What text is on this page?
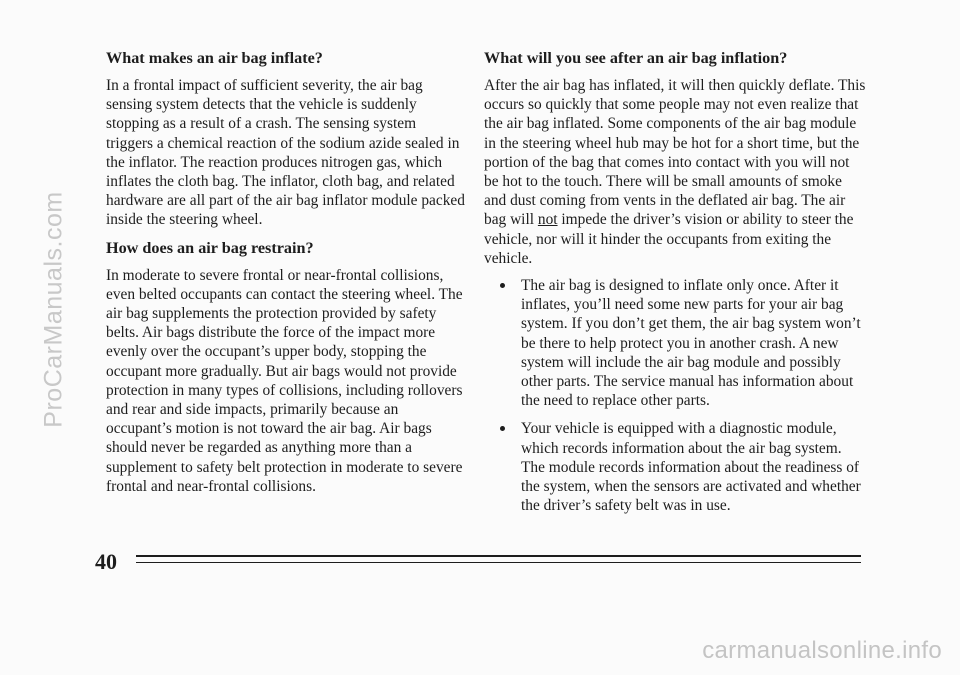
ProCarManuals.com
What makes an air bag inflate?

In a frontal impact of sufficient severity, the air bag sensing system detects that the vehicle is suddenly stopping as a result of a crash. The sensing system triggers a chemical reaction of the sodium azide sealed in the inflator. The reaction produces nitrogen gas, which inflates the cloth bag. The inflator, cloth bag, and related hardware are all part of the air bag inflator module packed inside the steering wheel.

How does an air bag restrain?

In moderate to severe frontal or near-frontal collisions, even belted occupants can contact the steering wheel. The air bag supplements the protection provided by safety belts. Air bags distribute the force of the impact more evenly over the occupant’s upper body, stopping the occupant more gradually. But air bags would not provide protection in many types of collisions, including rollovers and rear and side impacts, primarily because an occupant’s motion is not toward the air bag. Air bags should never be regarded as anything more than a supplement to safety belt protection in moderate to severe frontal and near-frontal collisions.

What will you see after an air bag inflation?

After the air bag has inflated, it will then quickly deflate. This occurs so quickly that some people may not even realize that the air bag inflated. Some components of the air bag module in the steering wheel hub may be hot for a short time, but the portion of the bag that comes into contact with you will not be hot to the touch. There will be small amounts of smoke and dust coming from vents in the deflated air bag. The air bag will not impede the driver’s vision or ability to steer the vehicle, nor will it hinder the occupants from exiting the vehicle.

The air bag is designed to inflate only once. After it inflates, you’ll need some new parts for your air bag system. If you don’t get them, the air bag system won’t be there to help protect you in another crash. A new system will include the air bag module and possibly other parts. The service manual has information about the need to replace other parts.
Your vehicle is equipped with a diagnostic module, which records information about the air bag system. The module records information about the readiness of the system, when the sensors are activated and whether the driver’s safety belt was in use.
40
carmanualsonline.info
